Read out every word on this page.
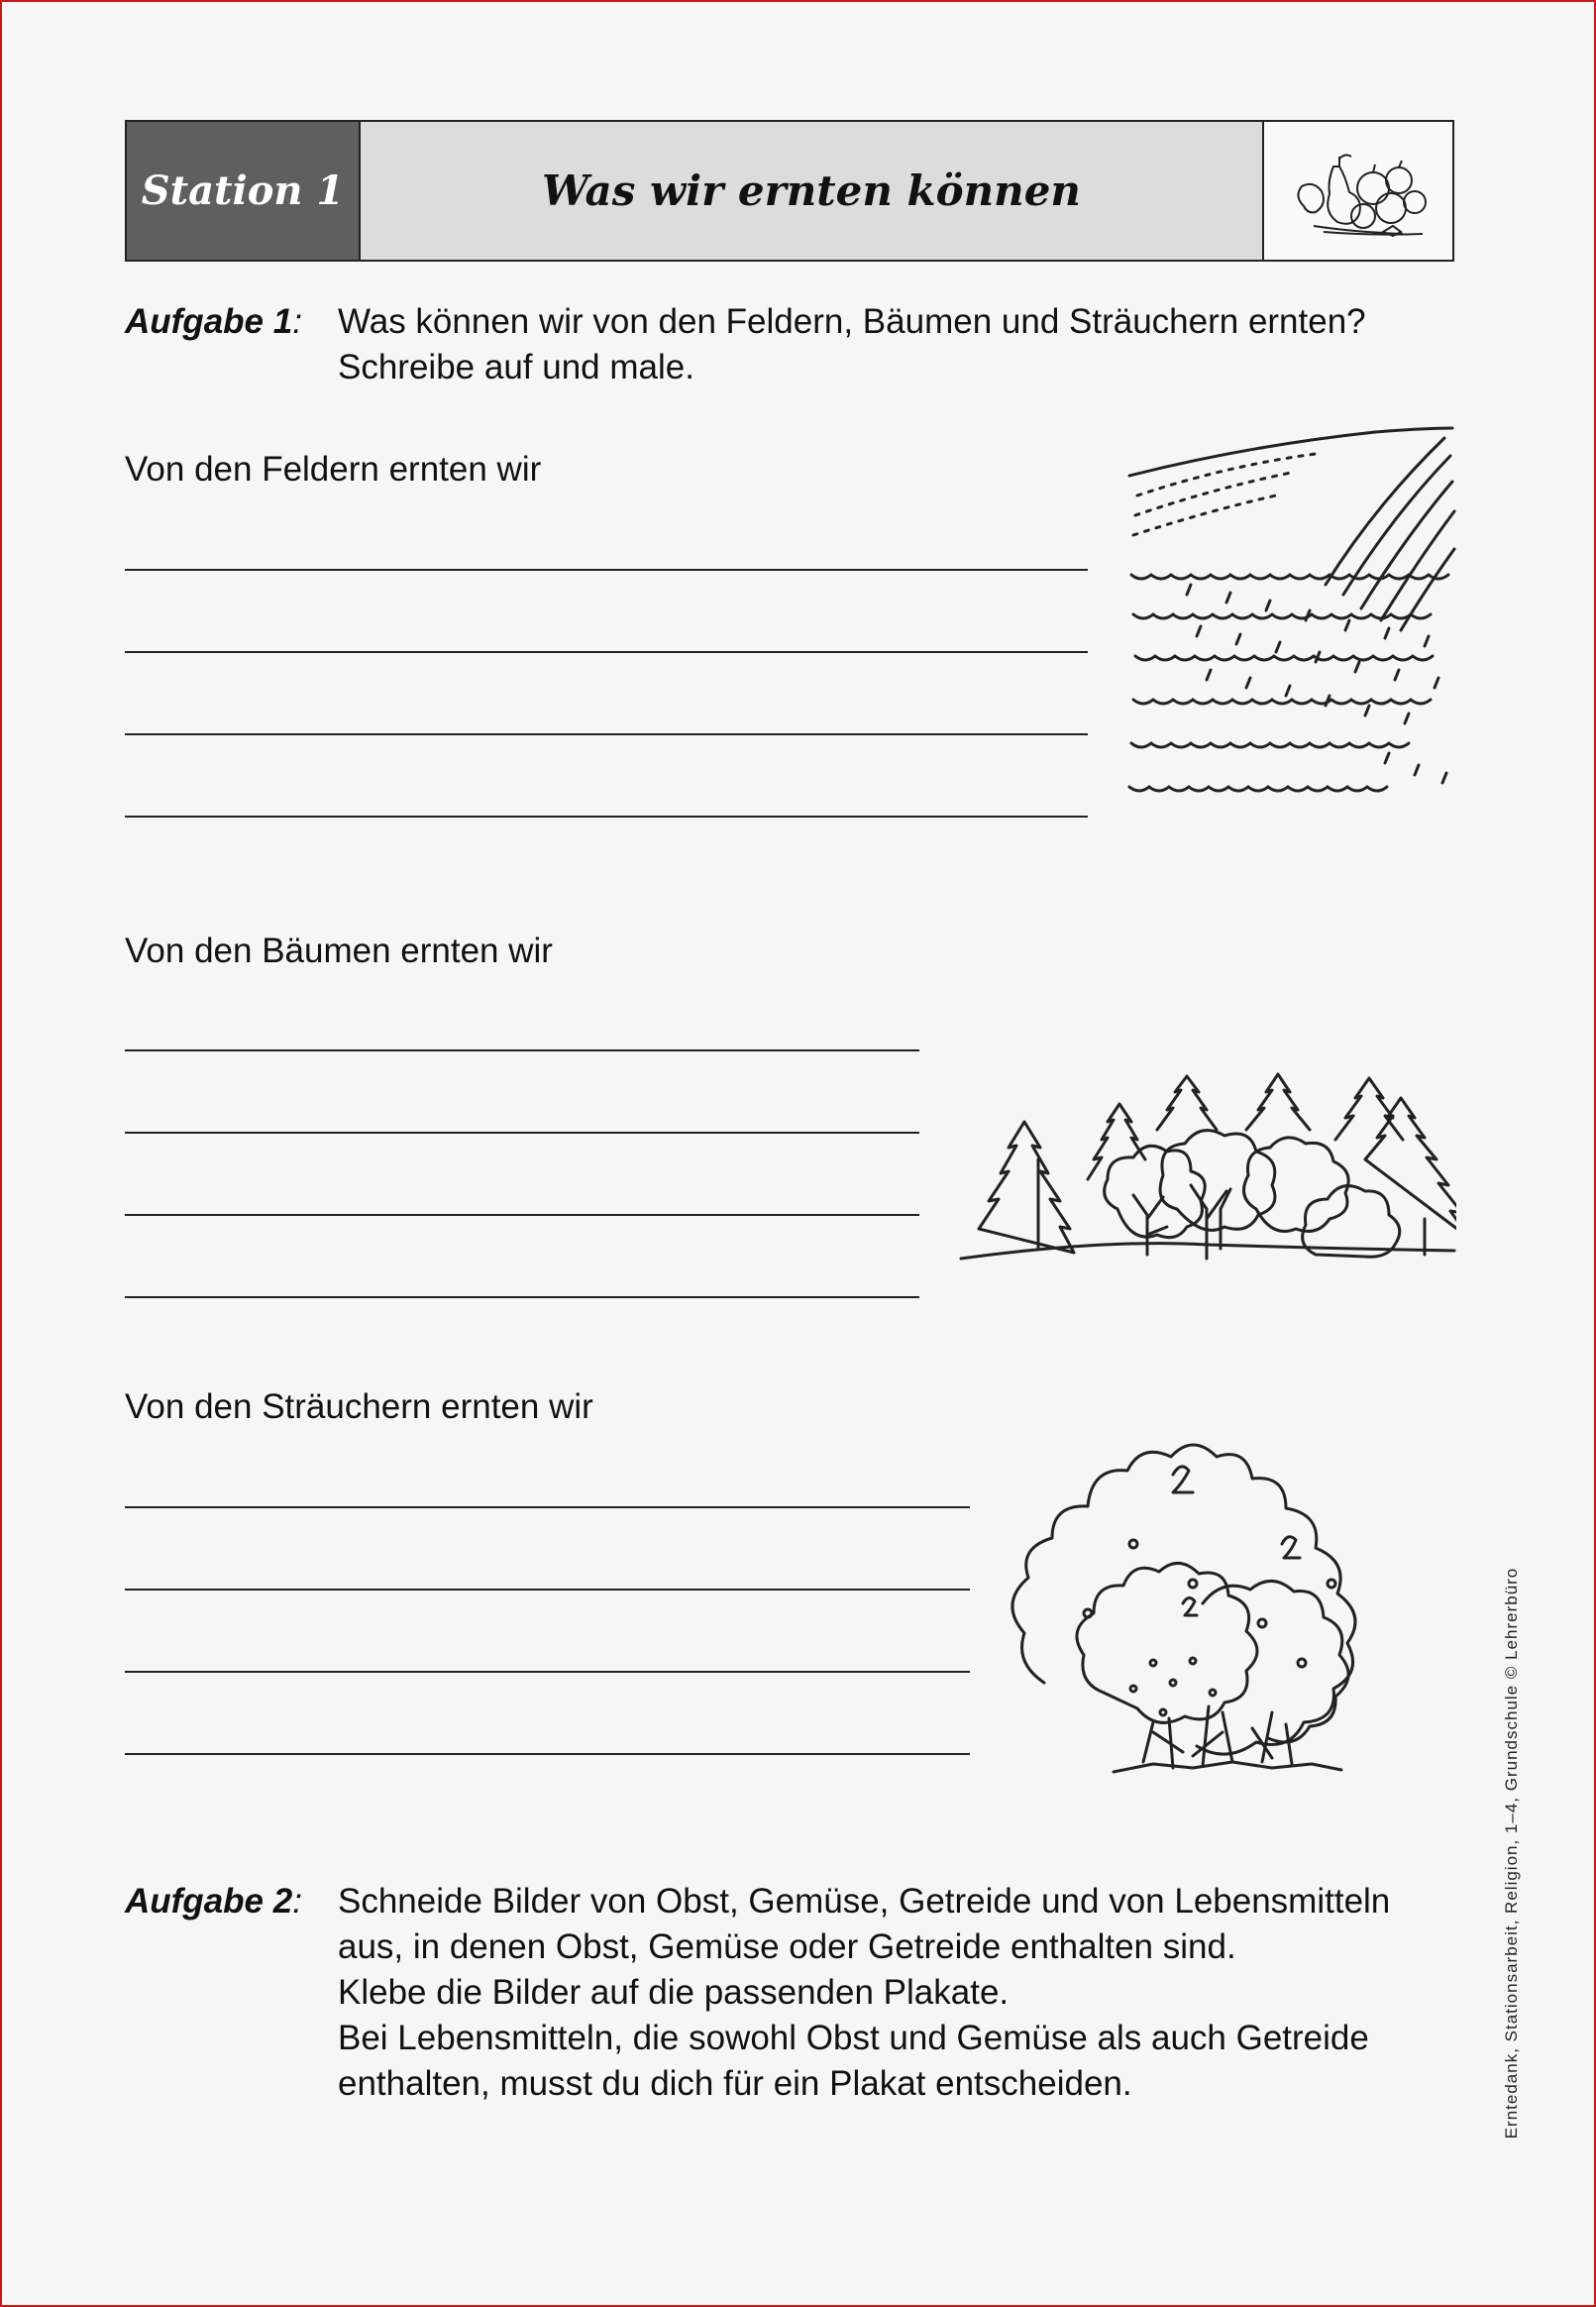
Station 1	Was wir ernten können
Aufgabe 1: Was können wir von den Feldern, Bäumen und Sträuchern ernten?
Schreibe auf und male.
Von den Feldern ernten wir
Von den Bäumen ernten wir
Von den Sträuchern ernten wir
Aufgabe 2: Schneide Bilder von Obst, Gemüse, Getreide und von Lebensmitteln
aus, in denen Obst, Gemüse oder Getreide enthalten sind.
Klebe die Bilder auf die passenden Plakate.
Bei Lebensmitteln, die sowohl Obst und Gemüse als auch Getreide
enthalten, musst du dich für ein Plakat entscheiden.	Erntedank, Stationsarbeit, Religion, 1–4, Grundschule © Lehrerbüro
